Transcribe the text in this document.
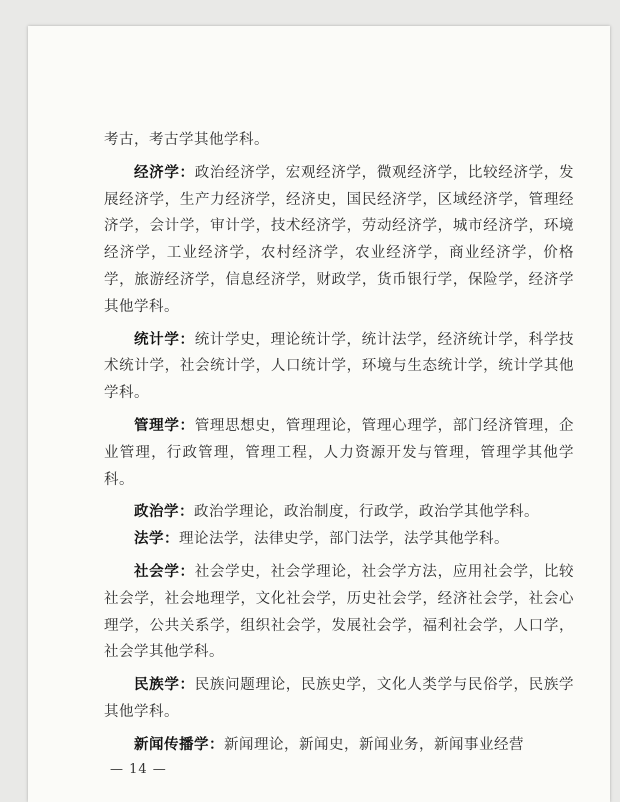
考古，考古学其他学科。

经济学：政治经济学，宏观经济学，微观经济学，比较经济学，发展经济学，生产力经济学，经济史，国民经济学，区域经济学，管理经济学，会计学，审计学，技术经济学，劳动经济学，城市经济学，环境经济学，工业经济学，农村经济学，农业经济学，商业经济学，价格学，旅游经济学，信息经济学，财政学，货币银行学，保险学，经济学其他学科。

统计学：统计学史，理论统计学，统计法学，经济统计学，科学技术统计学，社会统计学，人口统计学，环境与生态统计学，统计学其他学科。

管理学：管理思想史，管理理论，管理心理学，部门经济管理，企业管理，行政管理，管理工程，人力资源开发与管理，管理学其他学科。

政治学：政治学理论，政治制度，行政学，政治学其他学科。

法学：理论法学，法律史学，部门法学，法学其他学科。

社会学：社会学史，社会学理论，社会学方法，应用社会学，比较社会学，社会地理学，文化社会学，历史社会学，经济社会学，社会心理学，公共关系学，组织社会学，发展社会学，福利社会学，人口学，社会学其他学科。

民族学：民族问题理论，民族史学，文化人类学与民俗学，民族学其他学科。

新闻传播学：新闻理论，新闻史，新闻业务，新闻事业经营

— 14 —
